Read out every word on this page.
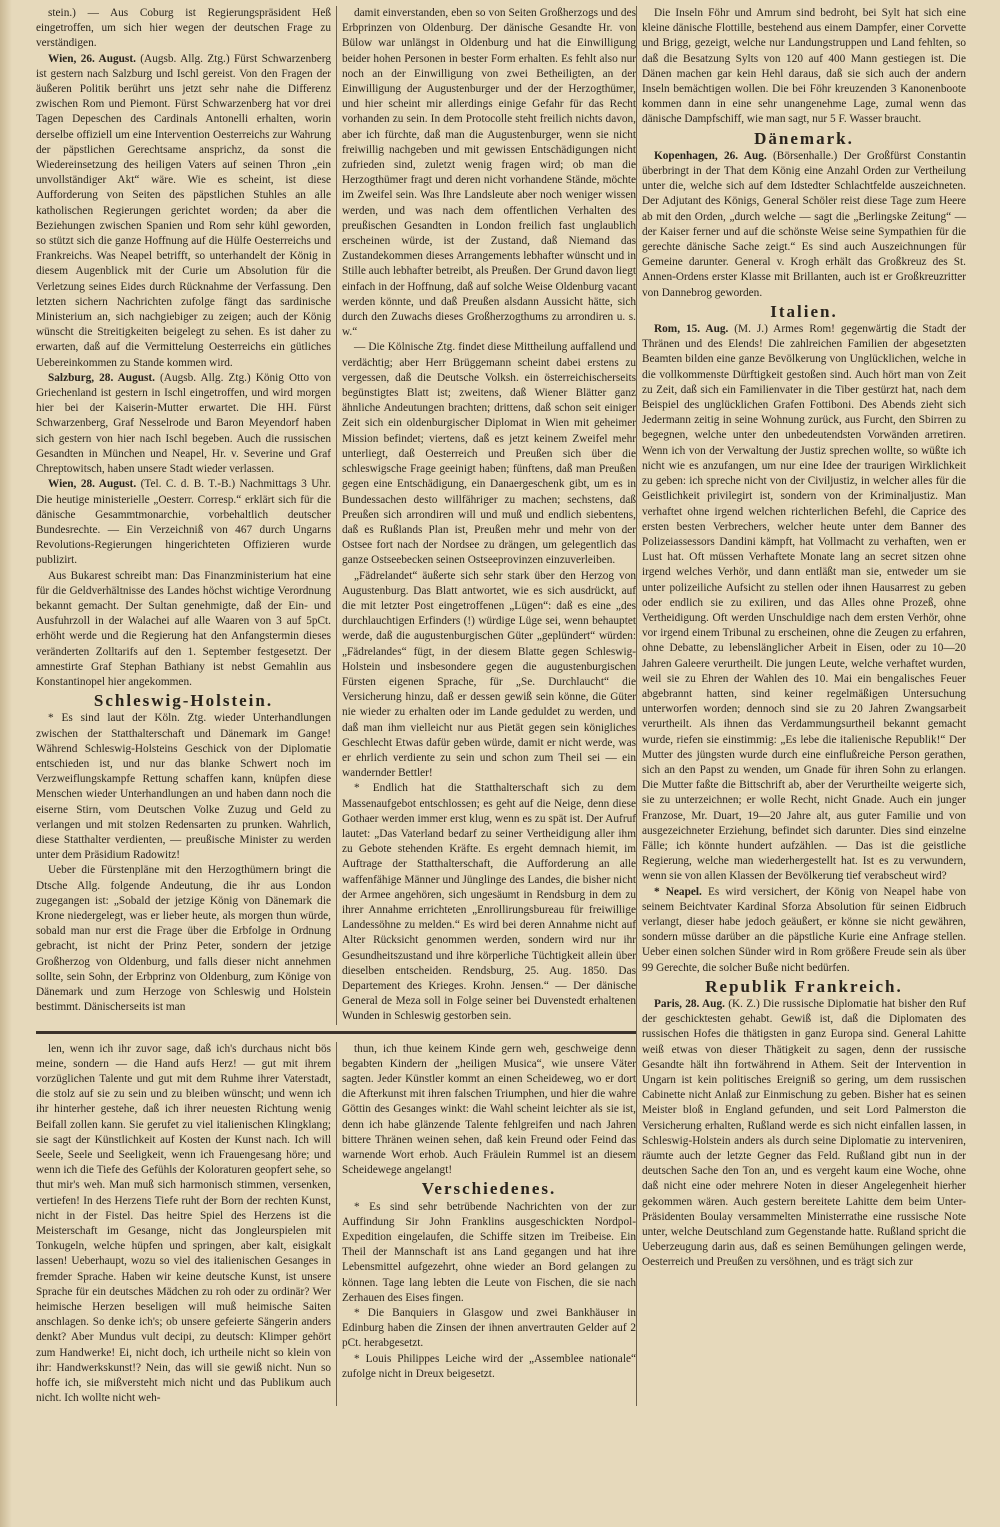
stein.) — Aus Coburg ist Regierungspräsident Heß eingetroffen, um sich hier wegen der deutschen Frage zu verständigen.

Wien, 26. August. (Augsb. Allg. Ztg.) Fürst Schwarzenberg ist gestern nach Salzburg und Ischl gereist. Von den Fragen der äußeren Politik berührt uns jetzt sehr nahe die Differenz zwischen Rom und Piemont. Fürst Schwarzenberg hat vor drei Tagen Depeschen des Cardinals Antonelli erhalten, worin derselbe offiziell um eine Intervention Oesterreichs zur Wahrung der päpstlichen Gerechtsame ansprichz, da sonst die Wiedereinsetzung des heiligen Vaters auf seinen Thron „ein unvollständiger Akt“ wäre. Wie es scheint, ist diese Aufforderung von Seiten des päpstlichen Stuhles an alle katholischen Regierungen gerichtet worden; da aber die Beziehungen zwischen Spanien und Rom sehr kühl geworden, so stützt sich die ganze Hoffnung auf die Hülfe Oesterreichs und Frankreichs. Was Neapel betrifft, so unterhandelt der König in diesem Augenblick mit der Curie um Absolution für die Verletzung seines Eides durch Rücknahme der Verfassung. Den letzten sichern Nachrichten zufolge fängt das sardinische Ministerium an, sich nachgiebiger zu zeigen; auch der König wünscht die Streitigkeiten beigelegt zu sehen. Es ist daher zu erwarten, daß auf die Vermittelung Oesterreichs ein gütliches Uebereinkommen zu Stande kommen wird.

Salzburg, 28. August. (Augsb. Allg. Ztg.) König Otto von Griechenland ist gestern in Ischl eingetroffen, und wird morgen hier bei der Kaiserin-Mutter erwartet. Die HH. Fürst Schwarzenberg, Graf Nesselrode und Baron Meyendorf haben sich gestern von hier nach Ischl begeben. Auch die russischen Gesandten in München und Neapel, Hr. v. Severine und Graf Chreptowitsch, haben unsere Stadt wieder verlassen.

Wien, 28. August. (Tel. C. d. B. T.-B.) Nachmittags 3 Uhr. Die heutige ministerielle „Oesterr. Corresp.“ erklärt sich für die dänische Gesammtmonarchie, vorbehaltlich deutscher Bundesrechte. — Ein Verzeichniß von 467 durch Ungarns Revolutions-Regierungen hingerichteten Offizieren wurde publizirt.

Aus Bukarest schreibt man: Das Finanzministerium hat eine für die Geldverhältnisse des Landes höchst wichtige Verordnung bekannt gemacht. Der Sultan genehmigte, daß der Ein- und Ausfuhrzoll in der Walachei auf alle Waaren von 3 auf 5pCt. erhöht werde und die Regierung hat den Anfangstermin dieses veränderten Zolltarifs auf den 1. September festgesetzt. Der amnestirte Graf Stephan Bathiany ist nebst Gemahlin aus Konstantinopel hier angekommen.

Schleswig-Holstein.

* Es sind laut der Köln. Ztg. wieder Unterhandlungen zwischen der Statthalterschaft und Dänemark im Gange! Während Schleswig-Holsteins Geschick von der Diplomatie entschieden ist, und nur das blanke Schwert noch im Verzweiflungskampfe Rettung schaffen kann, knüpfen diese Menschen wieder Unterhandlungen an und haben dann noch die eiserne Stirn, vom Deutschen Volke Zuzug und Geld zu verlangen und mit stolzen Redensarten zu prunken. Wahrlich, diese Statthalter verdienten, — preußische Minister zu werden unter dem Präsidium Radowitz!

Ueber die Fürstenpläne mit den Herzogthümern bringt die Dtsche Allg. folgende Andeutung, die ihr aus London zugegangen ist: „Sobald der jetzige König von Dänemark die Krone niedergelegt, was er lieber heute, als morgen thun würde, sobald man nur erst die Frage über die Erbfolge in Ordnung gebracht, ist nicht der Prinz Peter, sondern der jetzige Großherzog von Oldenburg, und falls dieser nicht annehmen sollte, sein Sohn, der Erbprinz von Oldenburg, zum Könige von Dänemark und zum Herzoge von Schleswig und Holstein bestimmt. Dänischerseits ist man

damit einverstanden, eben so von Seiten Großherzogs und des Erbprinzen von Oldenburg. Der dänische Gesandte Hr. von Bülow war unlängst in Oldenburg und hat die Einwilligung beider hohen Personen in bester Form erhalten. Es fehlt also nur noch an der Einwilligung von zwei Betheiligten, an der Einwilligung der Augustenburger und der der Herzogthümer, und hier scheint mir allerdings einige Gefahr für das Recht vorhanden zu sein. In dem Protocolle steht freilich nichts davon, aber ich fürchte, daß man die Augustenburger, wenn sie nicht freiwillig nachgeben und mit gewissen Entschädigungen nicht zufrieden sind, zuletzt wenig fragen wird; ob man die Herzogthümer fragt und deren nicht vorhandene Stände, möchte im Zweifel sein. Was Ihre Landsleute aber noch weniger wissen werden, und was nach dem offentlichen Verhalten des preußischen Gesandten in London freilich fast unglaublich erscheinen würde, ist der Zustand, daß Niemand das Zustandekommen dieses Arrangements lebhafter wünscht und in Stille auch lebhafter betreibt, als Preußen. Der Grund davon liegt einfach in der Hoffnung, daß auf solche Weise Oldenburg vacant werden könnte, und daß Preußen alsdann Aussicht hätte, sich durch den Zuwachs dieses Großherzogthums zu arrondiren u. s. w.“

— Die Kölnische Ztg. findet diese Mittheilung auffallend und verdächtig; aber Herr Brüggemann scheint dabei erstens zu vergessen, daß die Deutsche Volksh. ein österreichischerseits begünstigtes Blatt ist; zweitens, daß Wiener Blätter ganz ähnliche Andeutungen brachten; drittens, daß schon seit einiger Zeit sich ein oldenburgischer Diplomat in Wien mit geheimer Mission befindet; viertens, daß es jetzt keinem Zweifel mehr unterliegt, daß Oesterreich und Preußen sich über die schleswigsche Frage geeinigt haben; fünftens, daß man Preußen gegen eine Entschädigung, ein Danaergeschenk gibt, um es in Bundessachen desto willfähriger zu machen; sechstens, daß Preußen sich arrondiren will und muß und endlich siebentens, daß es Rußlands Plan ist, Preußen mehr und mehr von der Ostsee fort nach der Nordsee zu drängen, um gelegentlich das ganze Ostseebecken seinen Ostseeprovinzen einzuverleiben.

„Fädrelandet“ äußerte sich sehr stark über den Herzog von Augustenburg. Das Blatt antwortet, wie es sich ausdrückt, auf die mit letzter Post eingetroffenen „Lügen“: daß es eine „des durchlauchtigen Erfinders (!) würdige Lüge sei, wenn behauptet werde, daß die augustenburgischen Güter „geplündert“ würden: „Fädrelandes“ fügt, in der diesem Blatte gegen Schleswig-Holstein und insbesondere gegen die augustenburgischen Fürsten eigenen Sprache, für „Se. Durchlaucht“ die Versicherung hinzu, daß er dessen gewiß sein könne, die Güter nie wieder zu erhalten oder im Lande geduldet zu werden, und daß man ihm vielleicht nur aus Pietät gegen sein königliches Geschlecht Etwas dafür geben würde, damit er nicht werde, was er ehrlich verdiente zu sein und schon zum Theil sei — ein wandernder Bettler!

* Endlich hat die Statthalterschaft sich zu dem Massenaufgebot entschlossen; es geht auf die Neige, denn diese Gothaer werden immer erst klug, wenn es zu spät ist. Der Aufruf lautet: „Das Vaterland bedarf zu seiner Vertheidigung aller ihm zu Gebote stehenden Kräfte. Es ergeht demnach hiemit, im Auftrage der Statthalterschaft, die Aufforderung an alle waffenfähige Männer und Jünglinge des Landes, die bisher nicht der Armee angehören, sich ungesäumt in Rendsburg in dem zu ihrer Annahme errichteten „Enrollirungsbureau für freiwillige Landessöhne zu melden.“ Es wird bei deren Annahme nicht auf Alter Rücksicht genommen werden, sondern wird nur ihr Gesundheitszustand und ihre körperliche Tüchtigkeit allein über dieselben entscheiden. Rendsburg, 25. Aug. 1850. Das Departement des Krieges. Krohn. Jensen.“ — Der dänische General de Meza soll in Folge seiner bei Duvenstedt erhaltenen Wunden in Schleswig gestorben sein.

len, wenn ich ihr zuvor sage, daß ich's durchaus nicht bös meine, sondern — die Hand aufs Herz! — gut mit ihrem vorzüglichen Talente und gut mit dem Ruhme ihrer Vaterstadt, die stolz auf sie zu sein und zu bleiben wünscht; und wenn ich ihr hinterher gestehe, daß ich ihrer neuesten Richtung wenig Beifall zollen kann. Sie gerufet zu viel italienischen Klingklang; sie sagt der Künstlichkeit auf Kosten der Kunst nach. Ich will Seele, Seele und Seeligkeit, wenn ich Frauengesang höre; und wenn ich die Tiefe des Gefühls der Koloraturen geopfert sehe, so thut mir's weh. Man muß sich harmonisch stimmen, versenken, vertiefen! In des Herzens Tiefe ruht der Born der rechten Kunst, nicht in der Fistel. Das heitre Spiel des Herzens ist die Meisterschaft im Gesange, nicht das Jongleurspielen mit Tonkugeln, welche hüpfen und springen, aber kalt, eisigkalt lassen! Ueberhaupt, wozu so viel des italienischen Gesanges in fremder Sprache. Haben wir keine deutsche Kunst, ist unsere Sprache für ein deutsches Mädchen zu roh oder zu ordinär? Wer heimische Herzen beseligen will muß heimische Saiten anschlagen. So denke ich's; ob unsere gefeierte Sängerin anders denkt? Aber Mundus vult decipi, zu deutsch: Klimper gehört zum Handwerke! Ei, nicht doch, ich urtheile nicht so klein von ihr: Handwerkskunst!? Nein, das will sie gewiß nicht. Nun so hoffe ich, sie mißversteht mich nicht und das Publikum auch nicht. Ich wollte nicht weh-

thun, ich thue keinem Kinde gern weh, geschweige denn begabten Kindern der „heiligen Musica“, wie unsere Väter sagten. Jeder Künstler kommt an einen Scheideweg, wo er dort die Afterkunst mit ihren falschen Triumphen, und hier die wahre Göttin des Gesanges winkt: die Wahl scheint leichter als sie ist, denn ich habe glänzende Talente fehlgreifen und nach Jahren bittere Thränen weinen sehen, daß kein Freund oder Feind das warnende Wort erhob. Auch Fräulein Rummel ist an diesem Scheidewege angelangt!

Verschiedenes.

* Es sind sehr betrübende Nachrichten von der zur Auffindung Sir John Franklins ausgeschickten Nordpol-Expedition eingelaufen, die Schiffe sitzen im Treibeise. Ein Theil der Mannschaft ist ans Land gegangen und hat ihre Lebensmittel aufgezehrt, ohne wieder an Bord gelangen zu können. Tage lang lebten die Leute von Fischen, die sie nach Zerhauen des Eises fingen.

* Die Banquiers in Glasgow und zwei Bankhäuser in Edinburg haben die Zinsen der ihnen anvertrauten Gelder auf 2 pCt. herabgesetzt.

* Louis Philippes Leiche wird der „Assemblee nationale“ zufolge nicht in Dreux beigesetzt.

Die Inseln Föhr und Amrum sind bedroht, bei Sylt hat sich eine kleine dänische Flottille, bestehend aus einem Dampfer, einer Corvette und Brigg, gezeigt, welche nur Landungstruppen und Land fehlten, so daß die Besatzung Sylts von 120 auf 400 Mann gestiegen ist. Die Dänen machen gar kein Hehl daraus, daß sie sich auch der andern Inseln bemächtigen wollen. Die bei Föhr kreuzenden 3 Kanonenboote kommen dann in eine sehr unangenehme Lage, zumal wenn das dänische Dampfschiff, wie man sagt, nur 5 F. Wasser braucht.

Dänemark.

Kopenhagen, 26. Aug. (Börsenhalle.) Der Großfürst Constantin überbringt in der That dem König eine Anzahl Orden zur Vertheilung unter die, welche sich auf dem Idstedter Schlachtfelde auszeichneten. Der Adjutant des Königs, General Schöler reist diese Tage zum Heere ab mit den Orden, „durch welche — sagt die „Berlingske Zeitung“ — der Kaiser ferner und auf die schönste Weise seine Sympathien für die gerechte dänische Sache zeigt.“ Es sind auch Auszeichnungen für Gemeine darunter. General v. Krogh erhält das Großkreuz des St. Annen-Ordens erster Klasse mit Brillanten, auch ist er Großkreuzritter von Dannebrog geworden.

Italien.

Rom, 15. Aug. (M. J.) Armes Rom! gegenwärtig die Stadt der Thränen und des Elends! Die zahlreichen Familien der abgesetzten Beamten bilden eine ganze Bevölkerung von Unglücklichen, welche in die vollkommenste Dürftigkeit gestoßen sind. Auch hört man von Zeit zu Zeit, daß sich ein Familienvater in die Tiber gestürzt hat, nach dem Beispiel des unglücklichen Grafen Fottiboni. Des Abends zieht sich Jedermann zeitig in seine Wohnung zurück, aus Furcht, den Sbirren zu begegnen, welche unter den unbedeutendsten Vorwänden arretiren. Wenn ich von der Verwaltung der Justiz sprechen wollte, so wüßte ich nicht wie es anzufangen, um nur eine Idee der traurigen Wirklichkeit zu geben: ich spreche nicht von der Civiljustiz, in welcher alles für die Geistlichkeit privilegirt ist, sondern von der Kriminaljustiz. Man verhaftet ohne irgend welchen richterlichen Befehl, die Caprice des ersten besten Verbrechers, welcher heute unter dem Banner des Polizeiassessors Dandini kämpft, hat Vollmacht zu verhaften, wen er Lust hat. Oft müssen Verhaftete Monate lang an secret sitzen ohne irgend welches Verhör, und dann entläßt man sie, entweder um sie unter polizeiliche Aufsicht zu stellen oder ihnen Hausarrest zu geben oder endlich sie zu exiliren, und das Alles ohne Prozeß, ohne Vertheidigung. Oft werden Unschuldige nach dem ersten Verhör, ohne vor irgend einem Tribunal zu erscheinen, ohne die Zeugen zu erfahren, ohne Debatte, zu lebenslänglicher Arbeit in Eisen, oder zu 10—20 Jahren Galeere verurtheilt. Die jungen Leute, welche verhaftet wurden, weil sie zu Ehren der Wahlen des 10. Mai ein bengalisches Feuer abgebrannt hatten, sind keiner regelmäßigen Untersuchung unterworfen worden; dennoch sind sie zu 20 Jahren Zwangsarbeit verurtheilt. Als ihnen das Verdammungsurtheil bekannt gemacht wurde, riefen sie einstimmig: „Es lebe die italienische Republik!“ Der Mutter des jüngsten wurde durch eine einflußreiche Person gerathen, sich an den Papst zu wenden, um Gnade für ihren Sohn zu erlangen. Die Mutter faßte die Bittschrift ab, aber der Verurtheilte weigerte sich, sie zu unterzeichnen; er wolle Recht, nicht Gnade. Auch ein junger Franzose, Mr. Duart, 19—20 Jahre alt, aus guter Familie und von ausgezeichneter Erziehung, befindet sich darunter. Dies sind einzelne Fälle; ich könnte hundert aufzählen. — Das ist die geistliche Regierung, welche man wiederhergestellt hat. Ist es zu verwundern, wenn sie von allen Klassen der Bevölkerung tief verabscheut wird?

* Neapel. Es wird versichert, der König von Neapel habe von seinem Beichtvater Kardinal Sforza Absolution für seinen Eidbruch verlangt, dieser habe jedoch geäußert, er könne sie nicht gewähren, sondern müsse darüber an die päpstliche Kurie eine Anfrage stellen. Ueber einen solchen Sünder wird in Rom größere Freude sein als über 99 Gerechte, die solcher Buße nicht bedürfen.

Republik Frankreich.

Paris, 28. Aug. (K. Z.) Die russische Diplomatie hat bisher den Ruf der geschicktesten gehabt. Gewiß ist, daß die Diplomaten des russischen Hofes die thätigsten in ganz Europa sind. General Lahitte weiß etwas von dieser Thätigkeit zu sagen, denn der russische Gesandte hält ihn fortwährend in Athem. Seit der Intervention in Ungarn ist kein politisches Ereigniß so gering, um dem russischen Cabinette nicht Anlaß zur Einmischung zu geben. Bisher hat es seinen Meister bloß in England gefunden, und seit Lord Palmerston die Versicherung erhalten, Rußland werde es sich nicht einfallen lassen, in Schleswig-Holstein anders als durch seine Diplomatie zu interveniren, räumte auch der letzte Gegner das Feld. Rußland gibt nun in der deutschen Sache den Ton an, und es vergeht kaum eine Woche, ohne daß nicht eine oder mehrere Noten in dieser Angelegenheit hierher gekommen wären. Auch gestern bereitete Lahitte dem beim Unter-Präsidenten Boulay versammelten Ministerrathe eine russische Note unter, welche Deutschland zum Gegenstande hatte. Rußland spricht die Ueberzeugung darin aus, daß es seinen Bemühungen gelingen werde, Oesterreich und Preußen zu versöhnen, und es trägt sich zur
